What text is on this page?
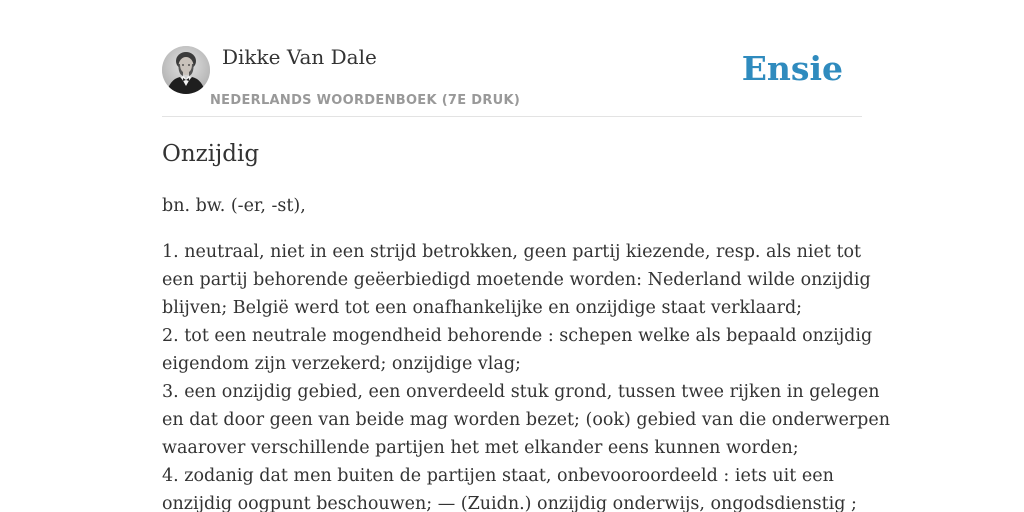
Dikke Van Dale
NEDERLANDS WOORDENBOEK (7E DRUK)
Ensie
Onzijdig

bn. bw. (-er, -st),

1. neutraal, niet in een strijd betrokken, geen partij kiezende, resp. als niet tot
een partij behorende geëerbiedigd moetende worden: Nederland wilde onzijdig
blijven; België werd tot een onafhankelijke en onzijdige staat verklaard;
2. tot een neutrale mogendheid behorende : schepen welke als bepaald onzijdig
eigendom zijn verzekerd; onzijdige vlag;
3. een onzijdig gebied, een onverdeeld stuk grond, tussen twee rijken in gelegen
en dat door geen van beide mag worden bezet; (ook) gebied van die onderwerpen
waarover verschillende partijen het met elkander eens kunnen worden;
4. zodanig dat men buiten de partijen staat, onbevooroordeeld : iets uit een
onzijdig oogpunt beschouwen; — (Zuidn.) onzijdig onderwijs, ongodsdienstig ;
